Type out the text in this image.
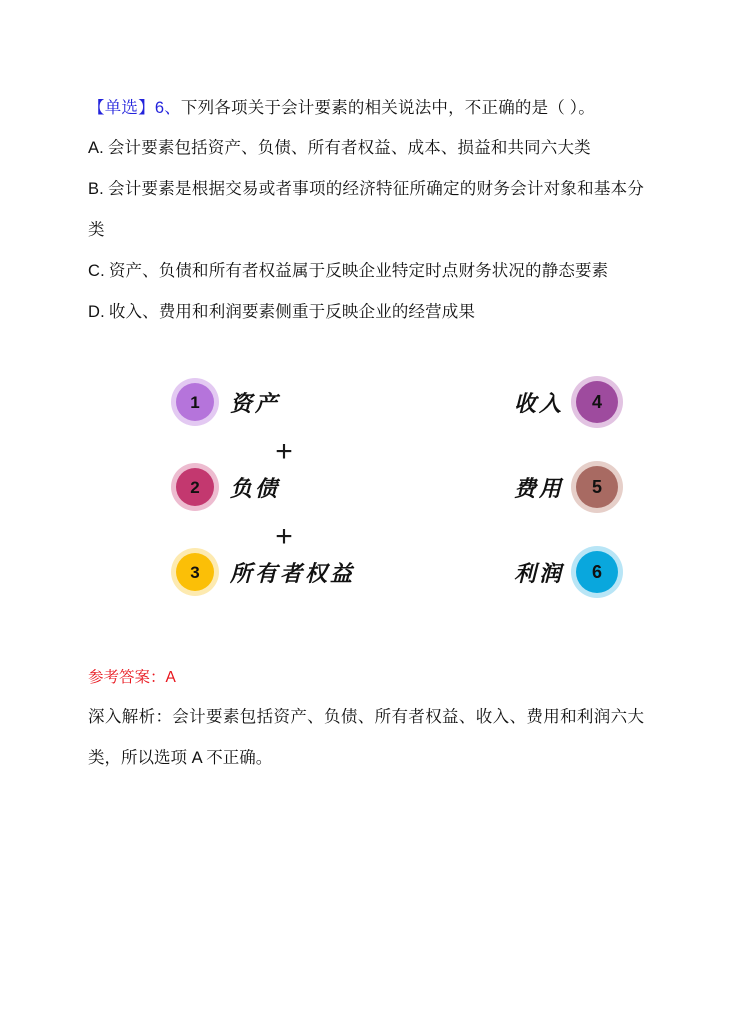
【单选】6、下列各项关于会计要素的相关说法中，不正确的是（ ）。

A. 会计要素包括资产、负债、所有者权益、成本、损益和共同六大类

B. 会计要素是根据交易或者事项的经济特征所确定的财务会计对象和基本分类

C. 资产、负债和所有者权益属于反映企业特定时点财务状况的静态要素

D. 收入、费用和利润要素侧重于反映企业的经营成果

+
+
1	资产	收入	4
2	负债	费用	5
3	所有者权益	利润	6

参考答案：A

深入解析：会计要素包括资产、负债、所有者权益、收入、费用和利润六大类，所以选项 A 不正确。
